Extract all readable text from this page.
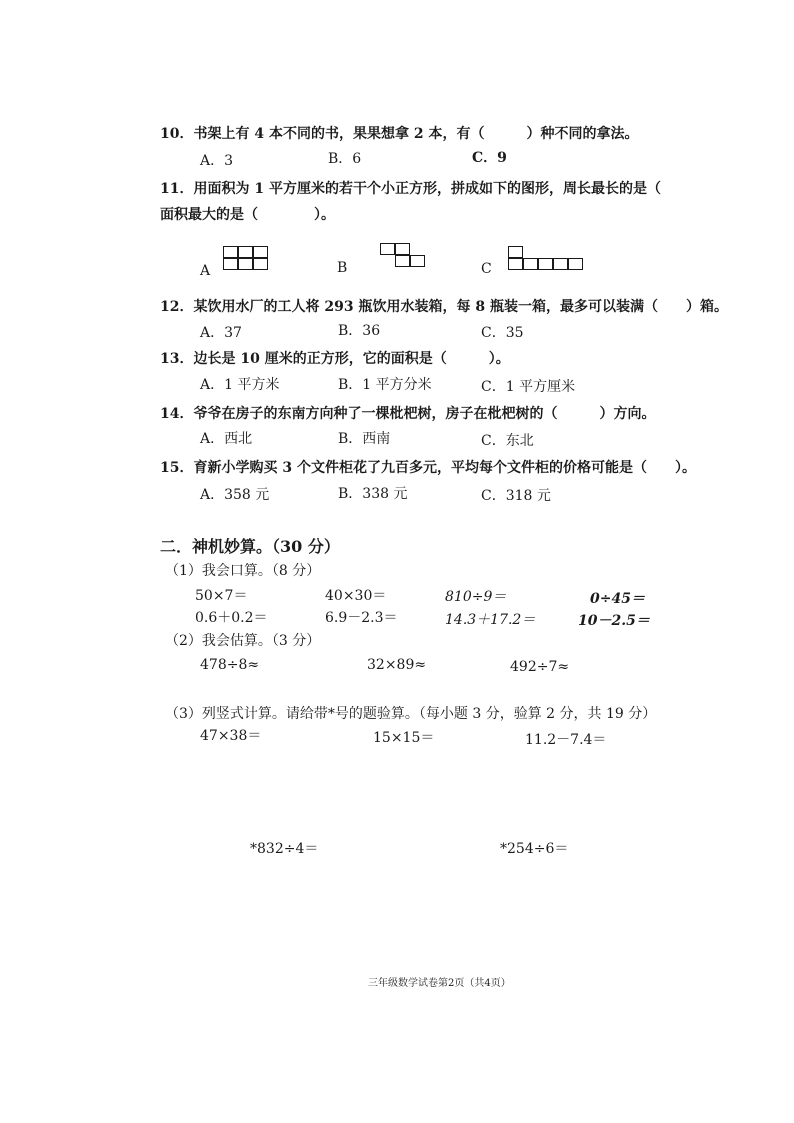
10．书架上有 4 本不同的书，果果想拿 2 本，有（　　　）种不同的拿法。
A．3	B．6	C．9
11．用面积为 1 平方厘米的若干个小正方形，拼成如下的图形，周长最长的是（
面积最大的是（　　　　）。
A	B	C
12．某饮用水厂的工人将 293 瓶饮用水装箱，每 8 瓶装一箱，最多可以装满（　　）箱。
A．37	B．36	C．35
13．边长是 10 厘米的正方形，它的面积是（　　　）。
A．1 平方米	B．1 平方分米	C．1 平方厘米
14．爷爷在房子的东南方向种了一棵枇杷树，房子在枇杷树的（　　　）方向。
A．西北	B．西南	C．东北
15．育新小学购买 3 个文件柜花了九百多元，平均每个文件柜的价格可能是（　　）。
A．358 元	B．338 元	C．318 元
二．神机妙算。（30 分）
（1）我会口算。（8 分）
50×7＝	40×30＝	810÷9＝	0÷45＝
0.6＋0.2＝	6.9－2.3＝	14.3＋17.2＝	10－2.5＝
（2）我会估算。（3 分）
478÷8≈	32×89≈	492÷7≈
（3）列竖式计算。请给带*号的题验算。（每小题 3 分，验算 2 分，共 19 分）
47×38＝	15×15＝	11.2－7.4＝
*832÷4＝	*254÷6＝
三年级数学试卷第2页（共4页）
